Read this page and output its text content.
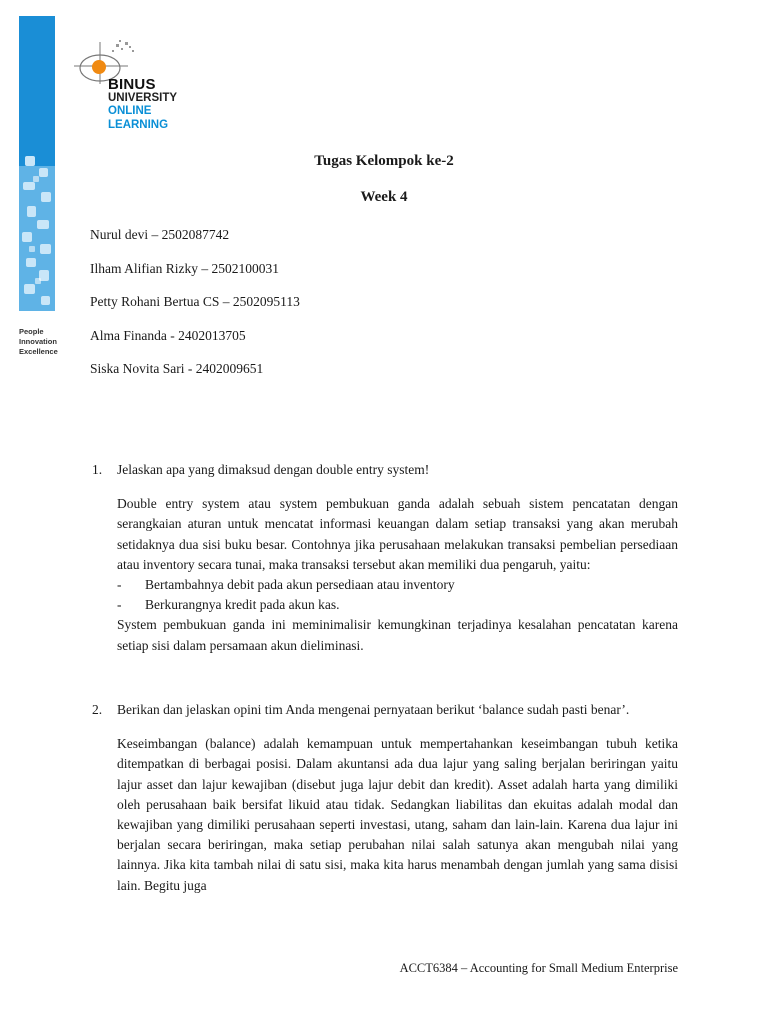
People
Innovation
Excellence
BINUS
UNIVERSITY
ONLINE
LEARNING
Tugas Kelompok ke-2
Week 4
Nurul devi – 2502087742
Ilham Alifian Rizky – 2502100031
Petty Rohani Bertua CS – 2502095113
Alma Finanda - 2402013705
Siska Novita Sari - 2402009651
1. Jelaskan apa yang dimaksud dengan double entry system!
Double entry system atau system pembukuan ganda adalah sebuah sistem pencatatan dengan serangkaian aturan untuk mencatat informasi keuangan dalam setiap transaksi yang akan merubah setidaknya dua sisi buku besar. Contohnya jika perusahaan melakukan transaksi pembelian persediaan atau inventory secara tunai, maka transaksi tersebut akan memiliki dua pengaruh, yaitu:
- Bertambahnya debit pada akun persediaan atau inventory
- Berkurangnya kredit pada akun kas.
System pembukuan ganda ini meminimalisir kemungkinan terjadinya kesalahan pencatatan karena setiap sisi dalam persamaan akun dieliminasi.
2. Berikan dan jelaskan opini tim Anda mengenai pernyataan berikut ‘balance sudah pasti benar’.
Keseimbangan (balance) adalah kemampuan untuk mempertahankan keseimbangan tubuh ketika ditempatkan di berbagai posisi. Dalam akuntansi ada dua lajur yang saling berjalan beriringan yaitu lajur asset dan lajur kewajiban (disebut juga lajur debit dan kredit). Asset adalah harta yang dimiliki oleh perusahaan baik bersifat likuid atau tidak. Sedangkan liabilitas dan ekuitas adalah modal dan kewajiban yang dimiliki perusahaan seperti investasi, utang, saham dan lain-lain. Karena dua lajur ini berjalan secara beriringan, maka setiap perubahan nilai salah satunya akan mengubah nilai yang lainnya. Jika kita tambah nilai di satu sisi, maka kita harus menambah dengan jumlah yang sama disisi lain. Begitu juga
ACCT6384 – Accounting for Small Medium Enterprise
